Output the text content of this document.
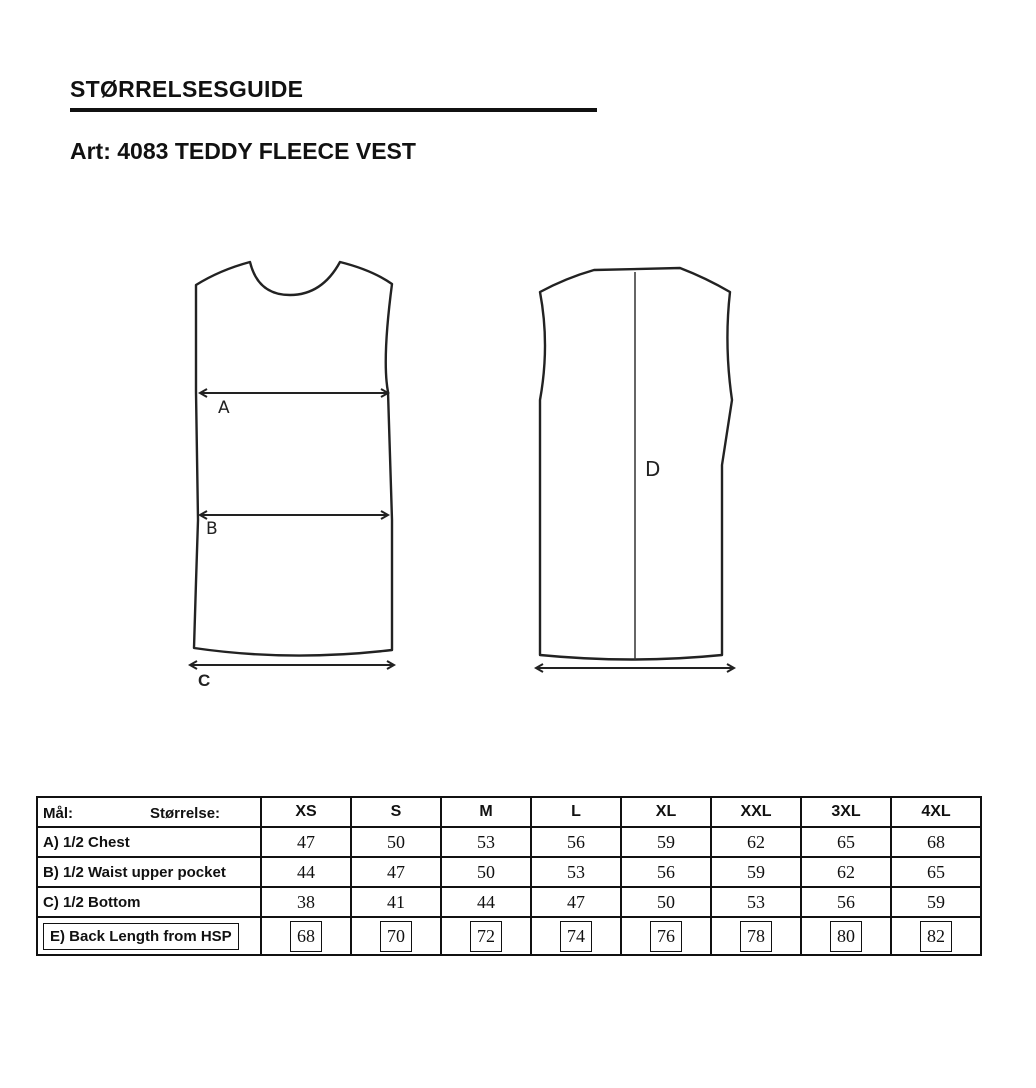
STØRRELSESGUIDE
Art: 4083 TEDDY FLEECE VEST
A
B
C
D
Mål: Størrelse:	XS	S	M	L	XL	XXL	3XL	4XL
A) 1/2 Chest	47	50	53	56	59	62	65	68
B) 1/2 Waist upper pocket	44	47	50	53	56	59	62	65
C) 1/2 Bottom	38	41	44	47	50	53	56	59
E) Back Length from HSP	68	70	72	74	76	78	80	82
